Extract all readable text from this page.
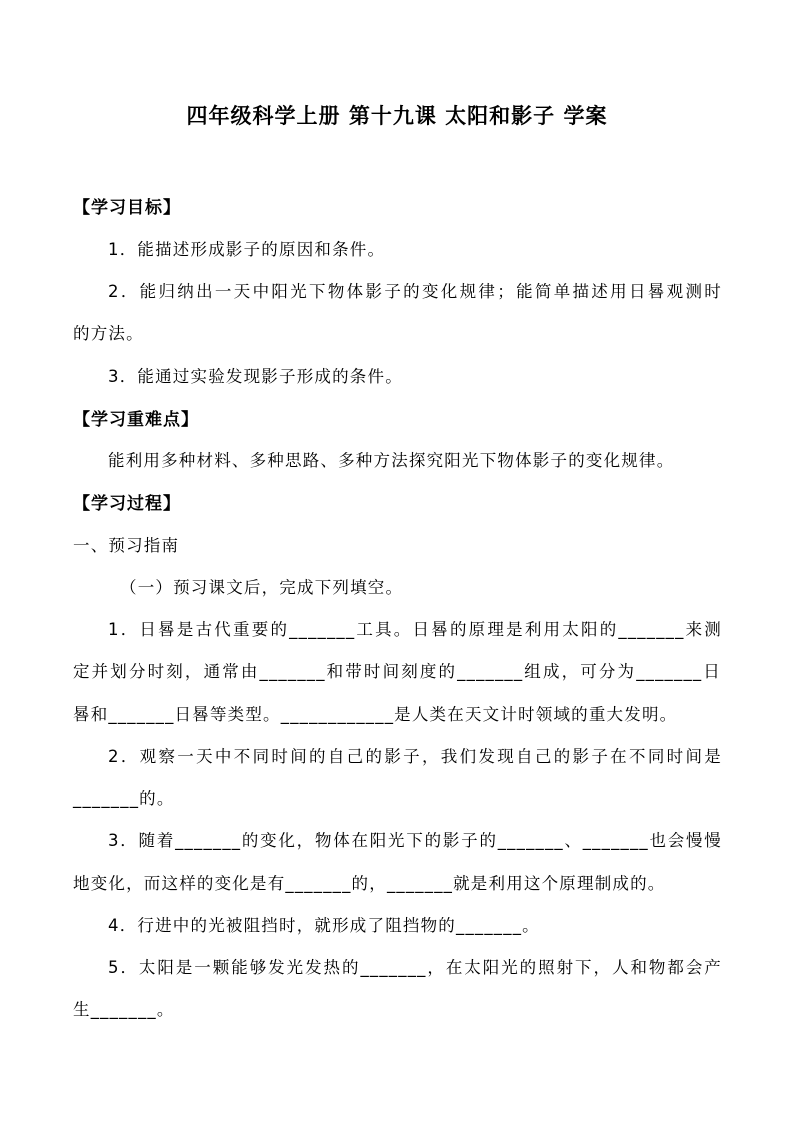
四年级科学上册 第十九课 太阳和影子 学案
【学习目标】
1．能描述形成影子的原因和条件。
2．能归纳出一天中阳光下物体影子的变化规律；能简单描述用日晷观测时
的方法。
3．能通过实验发现影子形成的条件。
【学习重难点】
能利用多种材料、多种思路、多种方法探究阳光下物体影子的变化规律。
【学习过程】
一、预习指南
（一）预习课文后，完成下列填空。
1．日晷是古代重要的_______工具。日晷的原理是利用太阳的_______来测
定并划分时刻，通常由_______和带时间刻度的_______组成，可分为_______日
晷和_______日晷等类型。____________是人类在天文计时领域的重大发明。
2．观察一天中不同时间的自己的影子，我们发现自己的影子在不同时间是
_______的。
3．随着_______的变化，物体在阳光下的影子的_______、_______也会慢慢
地变化，而这样的变化是有_______的，_______就是利用这个原理制成的。
4．行进中的光被阻挡时，就形成了阻挡物的_______。
5．太阳是一颗能够发光发热的_______，在太阳光的照射下，人和物都会产
生_______。
